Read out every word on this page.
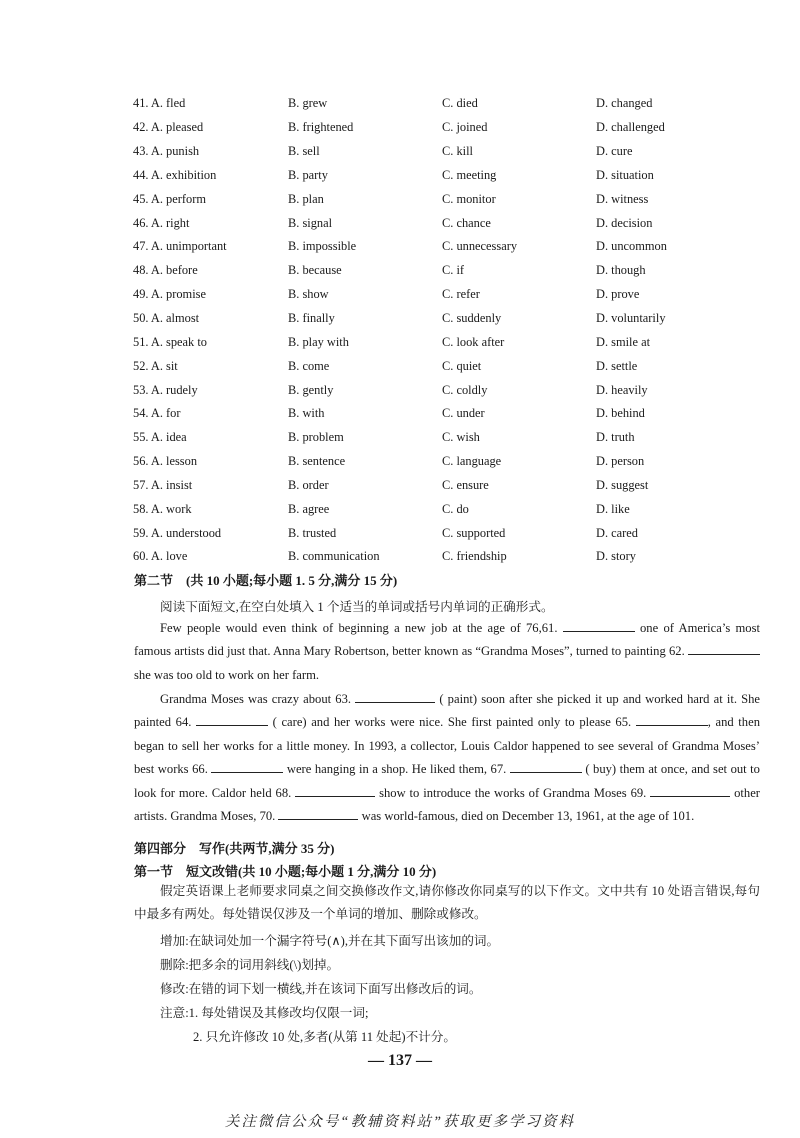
41. A. fled	B. grew	C. died	D. changed
42. A. pleased	B. frightened	C. joined	D. challenged
43. A. punish	B. sell	C. kill	D. cure
44. A. exhibition	B. party	C. meeting	D. situation
45. A. perform	B. plan	C. monitor	D. witness
46. A. right	B. signal	C. chance	D. decision
47. A. unimportant	B. impossible	C. unnecessary	D. uncommon
48. A. before	B. because	C. if	D. though
49. A. promise	B. show	C. refer	D. prove
50. A. almost	B. finally	C. suddenly	D. voluntarily
51. A. speak to	B. play with	C. look after	D. smile at
52. A. sit	B. come	C. quiet	D. settle
53. A. rudely	B. gently	C. coldly	D. heavily
54. A. for	B. with	C. under	D. behind
55. A. idea	B. problem	C. wish	D. truth
56. A. lesson	B. sentence	C. language	D. person
57. A. insist	B. order	C. ensure	D. suggest
58. A. work	B. agree	C. do	D. like
59. A. understood	B. trusted	C. supported	D. cared
60. A. love	B. communication	C. friendship	D. story
第二节　(共 10 小题;每小题 1. 5 分,满分 15 分)
阅读下面短文,在空白处填入 1 个适当的单词或括号内单词的正确形式。
Few people would even think of beginning a new job at the age of 76,61.	one of America’s most famous artists did just that. Anna Mary Robertson, better known as “Grandma Moses”, turned to painting 62.  she was too old to work on her farm.
Grandma Moses was crazy about 63.	( paint) soon after she picked it up and worked hard at it. She painted 64.	( care) and her works were nice. She first painted only to please 65.	, and then began to sell her works for a little money. In 1993, a collector, Louis Caldor happened to see several of Grandma Moses’ best works 66.	were hanging in a shop. He liked them, 67.	( buy) them at once, and set out to look for more. Caldor held 68.	show to introduce the works of Grandma Moses 69.	other artists. Grandma Moses, 70.	was world-famous, died on December 13, 1961, at the age of 101.
第四部分　写作(共两节,满分 35 分)
第一节　短文改错(共 10 小题;每小题 1 分,满分 10 分)
假定英语课上老师要求同桌之间交换修改作文,请你修改你同桌写的以下作文。文中共有 10 处语言错误,每句中最多有两处。每处错误仅涉及一个单词的增加、删除或修改。
增加:在缺词处加一个漏字符号(∧),并在其下面写出该加的词。
删除:把多余的词用斜线(\)划掉。
修改:在错的词下划一横线,并在该词下面写出修改后的词。
注意:1. 每处错误及其修改均仅限一词;
2. 只允许修改 10 处,多者(从第 11 处起)不计分。
— 137 —
关注微信公众号“教辅资料站”获取更多学习资料
